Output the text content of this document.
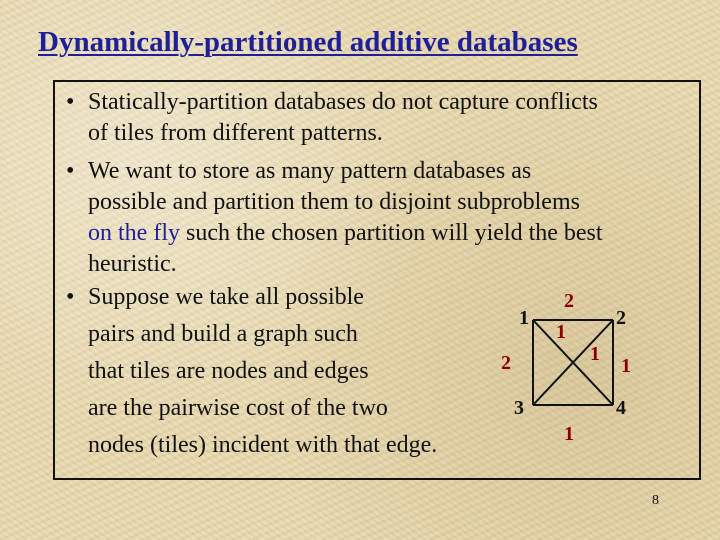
Dynamically-partitioned additive databases
• Statically-partition databases do not capture conflicts
of tiles from different patterns.
• We want to store as many pattern databases as
possible and partition them to disjoint subproblems
on the fly such the chosen partition will yield the best
heuristic.
• Suppose we take all possible
pairs and build a graph such
that tiles are nodes and edges
are the pairwise cost of the two
nodes (tiles) incident with that edge.
1	2
3	4
2
2	1
1
1
1
8
